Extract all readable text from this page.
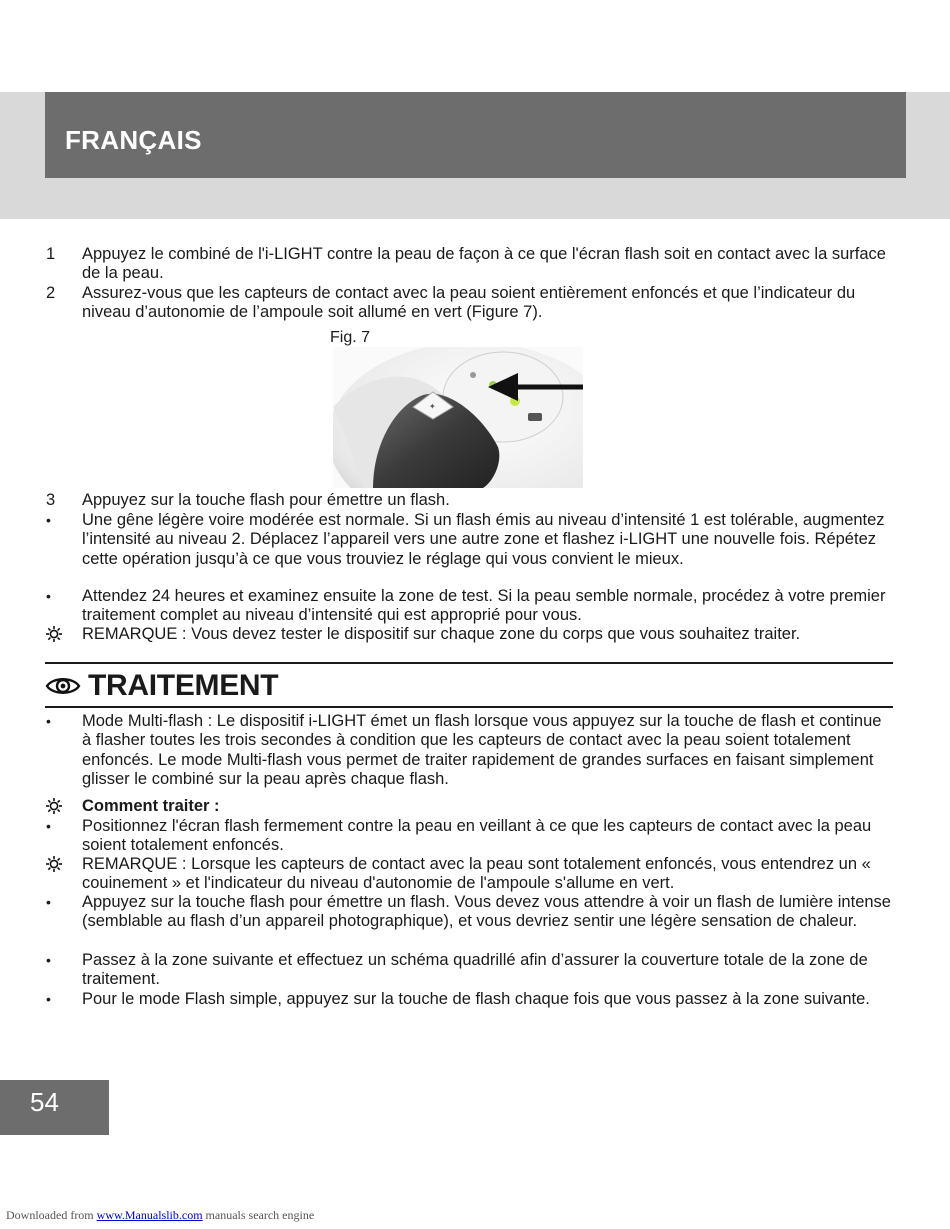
FRANÇAIS
1	Appuyez le combiné de l'i-LIGHT contre la peau de façon à ce que l'écran flash soit en contact avec la surface de la peau.
2	Assurez-vous que les capteurs de contact avec la peau soient entièrement enfoncés et que l’indicateur du niveau d’autonomie de l’ampoule soit allumé en vert (Figure 7).
Fig. 7
✦
3	Appuyez sur la touche flash pour émettre un flash.
•	Une gêne légère voire modérée est normale. Si un flash émis au niveau d’intensité 1 est tolérable, augmentez l’intensité au niveau 2. Déplacez l’appareil vers une autre zone et flashez i-LIGHT une nouvelle fois. Répétez cette opération jusqu’à ce que vous trouviez le réglage qui vous convient le mieux.
•	Attendez 24 heures et examinez ensuite la zone de test. Si la peau semble normale, procédez à votre premier traitement complet au niveau d’intensité qui est approprié pour vous.
REMARQUE : Vous devez tester le dispositif sur chaque zone du corps que vous souhaitez traiter.
TRAITEMENT
•	Mode Multi-flash : Le dispositif i-LIGHT émet un flash lorsque vous appuyez sur la touche de flash et continue à flasher toutes les trois secondes à condition que les capteurs de contact avec la peau soient totalement enfoncés. Le mode Multi-flash vous permet de traiter rapidement de grandes surfaces en faisant simplement glisser le combiné sur la peau après chaque flash.
Comment traiter :
•	Positionnez l'écran flash fermement contre la peau en veillant à ce que les capteurs de contact avec la peau soient totalement enfoncés.
REMARQUE : Lorsque les capteurs de contact avec la peau sont totalement enfoncés, vous entendrez un « couinement » et l'indicateur du niveau d'autonomie de l'ampoule s'allume en vert.
•	Appuyez sur la touche flash pour émettre un flash. Vous devez vous attendre à voir un flash de lumière intense (semblable au flash d’un appareil photographique), et vous devriez sentir une légère sensation de chaleur.
•	Passez à la zone suivante et effectuez un schéma quadrillé afin d’assurer la couverture totale de la zone de traitement.
•	Pour le mode Flash simple, appuyez sur la touche de flash chaque fois que vous passez à la zone suivante.
54
Downloaded from www.Manualslib.com manuals search engine
